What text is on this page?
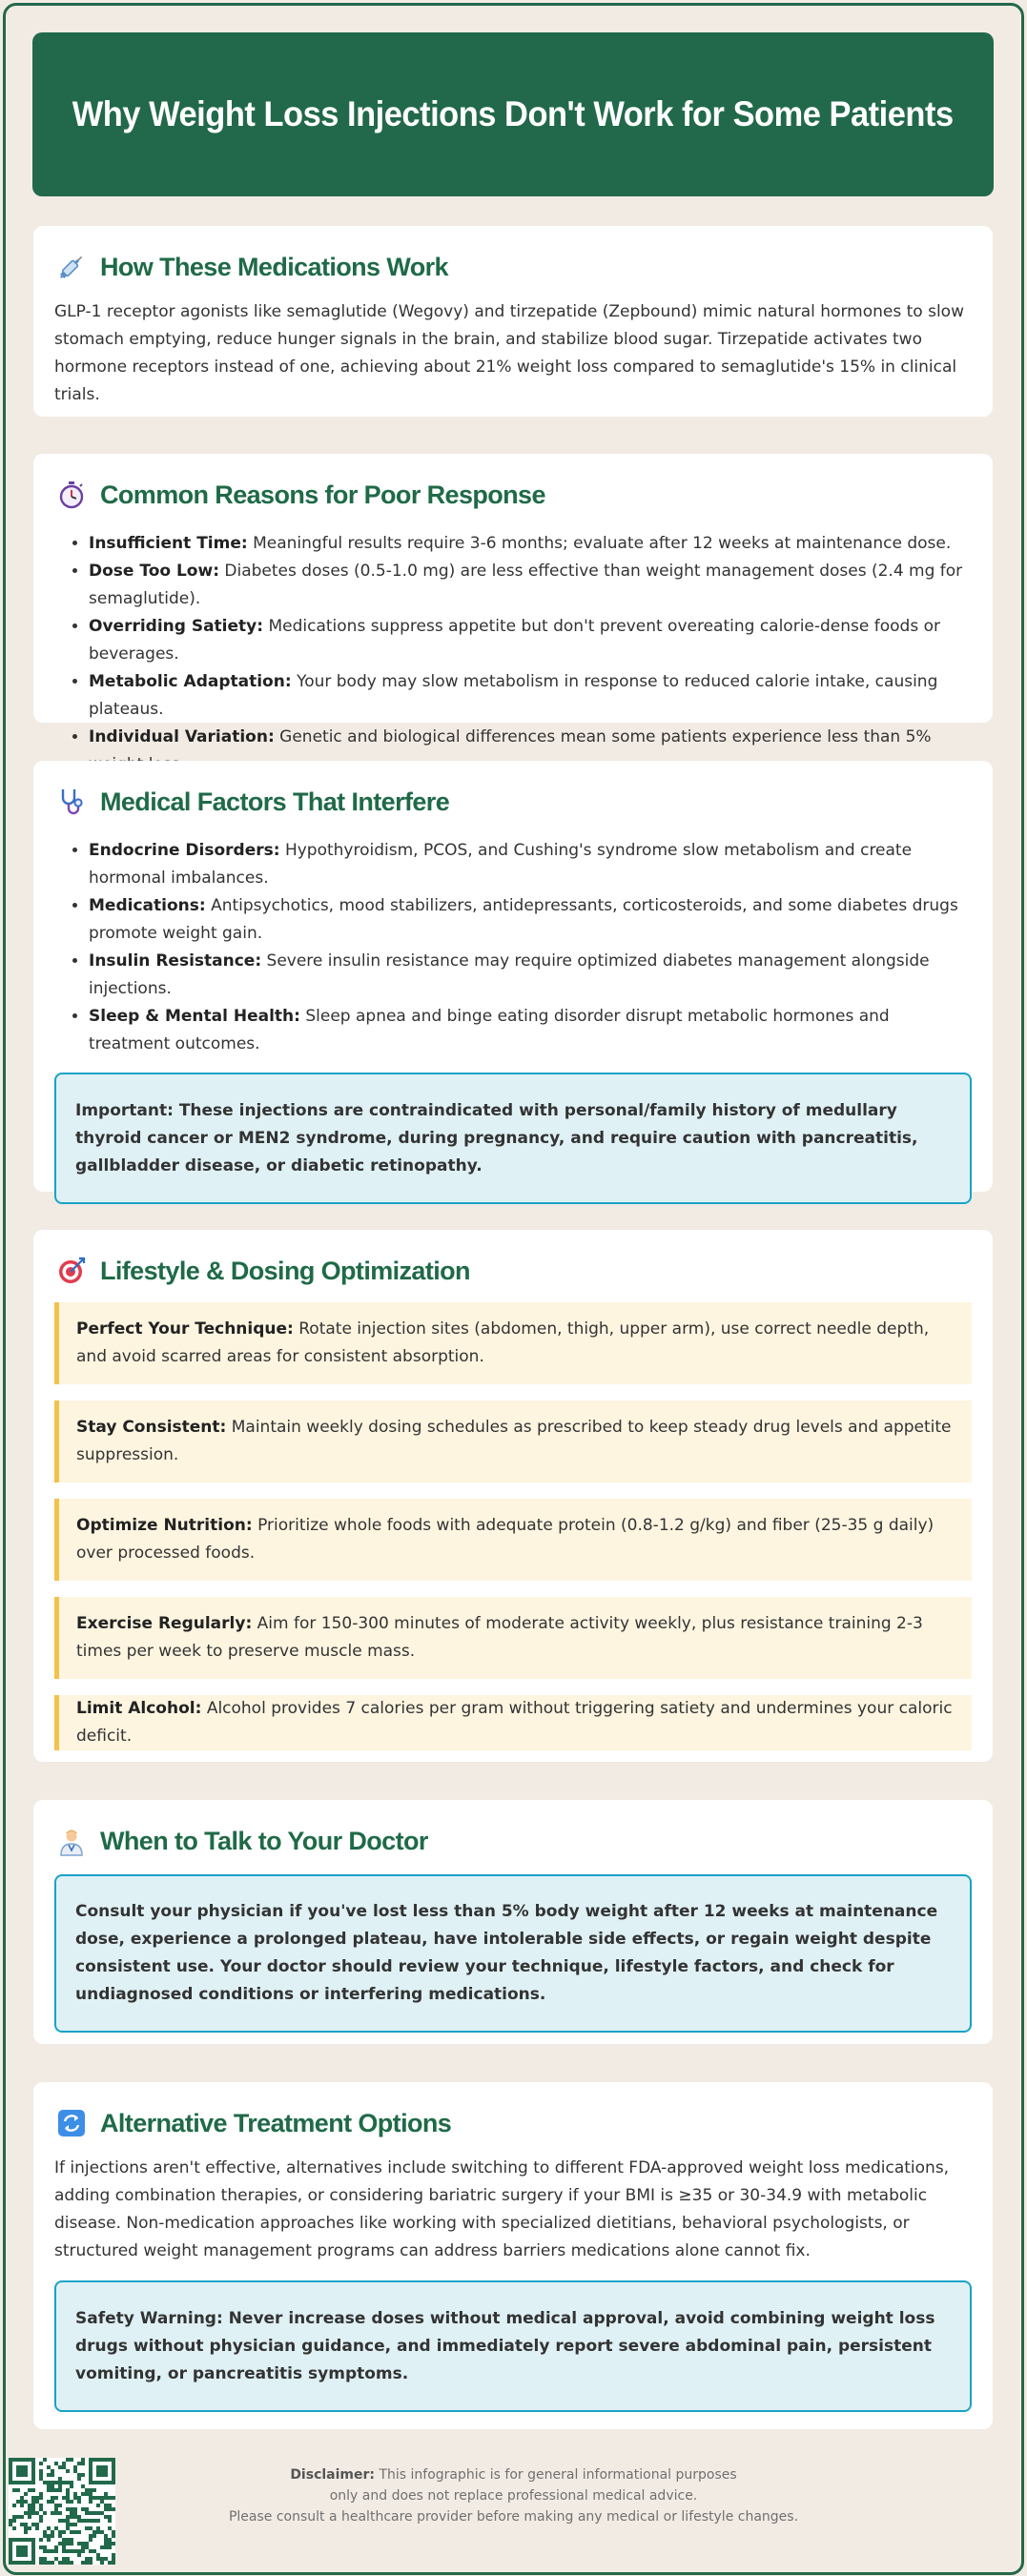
Why Weight Loss Injections Don't Work for Some Patients
How These Medications Work

GLP-1 receptor agonists like semaglutide (Wegovy) and tirzepatide (Zepbound) mimic natural hormones to slow stomach emptying, reduce hunger signals in the brain, and stabilize blood sugar. Tirzepatide activates two hormone receptors instead of one, achieving about 21% weight loss compared to semaglutide's 15% in clinical trials.

Common Reasons for Poor Response
• Insufficient Time: Meaningful results require 3-6 months; evaluate after 12 weeks at maintenance dose.
• Dose Too Low: Diabetes doses (0.5-1.0 mg) are less effective than weight management doses (2.4 mg for semaglutide).
• Overriding Satiety: Medications suppress appetite but don't prevent overeating calorie-dense foods or beverages.
• Metabolic Adaptation: Your body may slow metabolism in response to reduced calorie intake, causing plateaus.
• Individual Variation: Genetic and biological differences mean some patients experience less than 5%
Medical Factors That Interfere
• Endocrine Disorders: Hypothyroidism, PCOS, and Cushing's syndrome slow metabolism and create hormonal imbalances.
• Medications: Antipsychotics, mood stabilizers, antidepressants, corticosteroids, and some diabetes drugs promote weight gain.
• Insulin Resistance: Severe insulin resistance may require optimized diabetes management alongside injections.
• Sleep & Mental Health: Sleep apnea and binge eating disorder disrupt metabolic hormones and treatment outcomes.
Important: These injections are contraindicated with personal/family history of medullary thyroid cancer or MEN2 syndrome, during pregnancy, and require caution with pancreatitis, gallbladder disease, or diabetic retinopathy.
Lifestyle & Dosing Optimization
Perfect Your Technique: Rotate injection sites (abdomen, thigh, upper arm), use correct needle depth, and avoid scarred areas for consistent absorption.
Stay Consistent: Maintain weekly dosing schedules as prescribed to keep steady drug levels and appetite suppression.
Optimize Nutrition: Prioritize whole foods with adequate protein (0.8-1.2 g/kg) and fiber (25-35 g daily) over processed foods.
Exercise Regularly: Aim for 150-300 minutes of moderate activity weekly, plus resistance training 2-3 times per week to preserve muscle mass.
Limit Alcohol: Alcohol provides 7 calories per gram without triggering satiety and undermines your caloric deficit.
When to Talk to Your Doctor
Consult your physician if you've lost less than 5% body weight after 12 weeks at maintenance dose, experience a prolonged plateau, have intolerable side effects, or regain weight despite consistent use. Your doctor should review your technique, lifestyle factors, and check for undiagnosed conditions or interfering medications.
Alternative Treatment Options

If injections aren't effective, alternatives include switching to different FDA-approved weight loss medications, adding combination therapies, or considering bariatric surgery if your BMI is ≥35 or 30-34.9 with metabolic disease. Non-medication approaches like working with specialized dietitians, behavioral psychologists, or structured weight management programs can address barriers medications alone cannot fix.

Safety Warning: Never increase doses without medical approval, avoid combining weight loss drugs without physician guidance, and immediately report severe abdominal pain, persistent vomiting, or pancreatitis symptoms.
Disclaimer: This infographic is for general informational purposes
only and does not replace professional medical advice.
Please consult a healthcare provider before making any medical or lifestyle changes.
